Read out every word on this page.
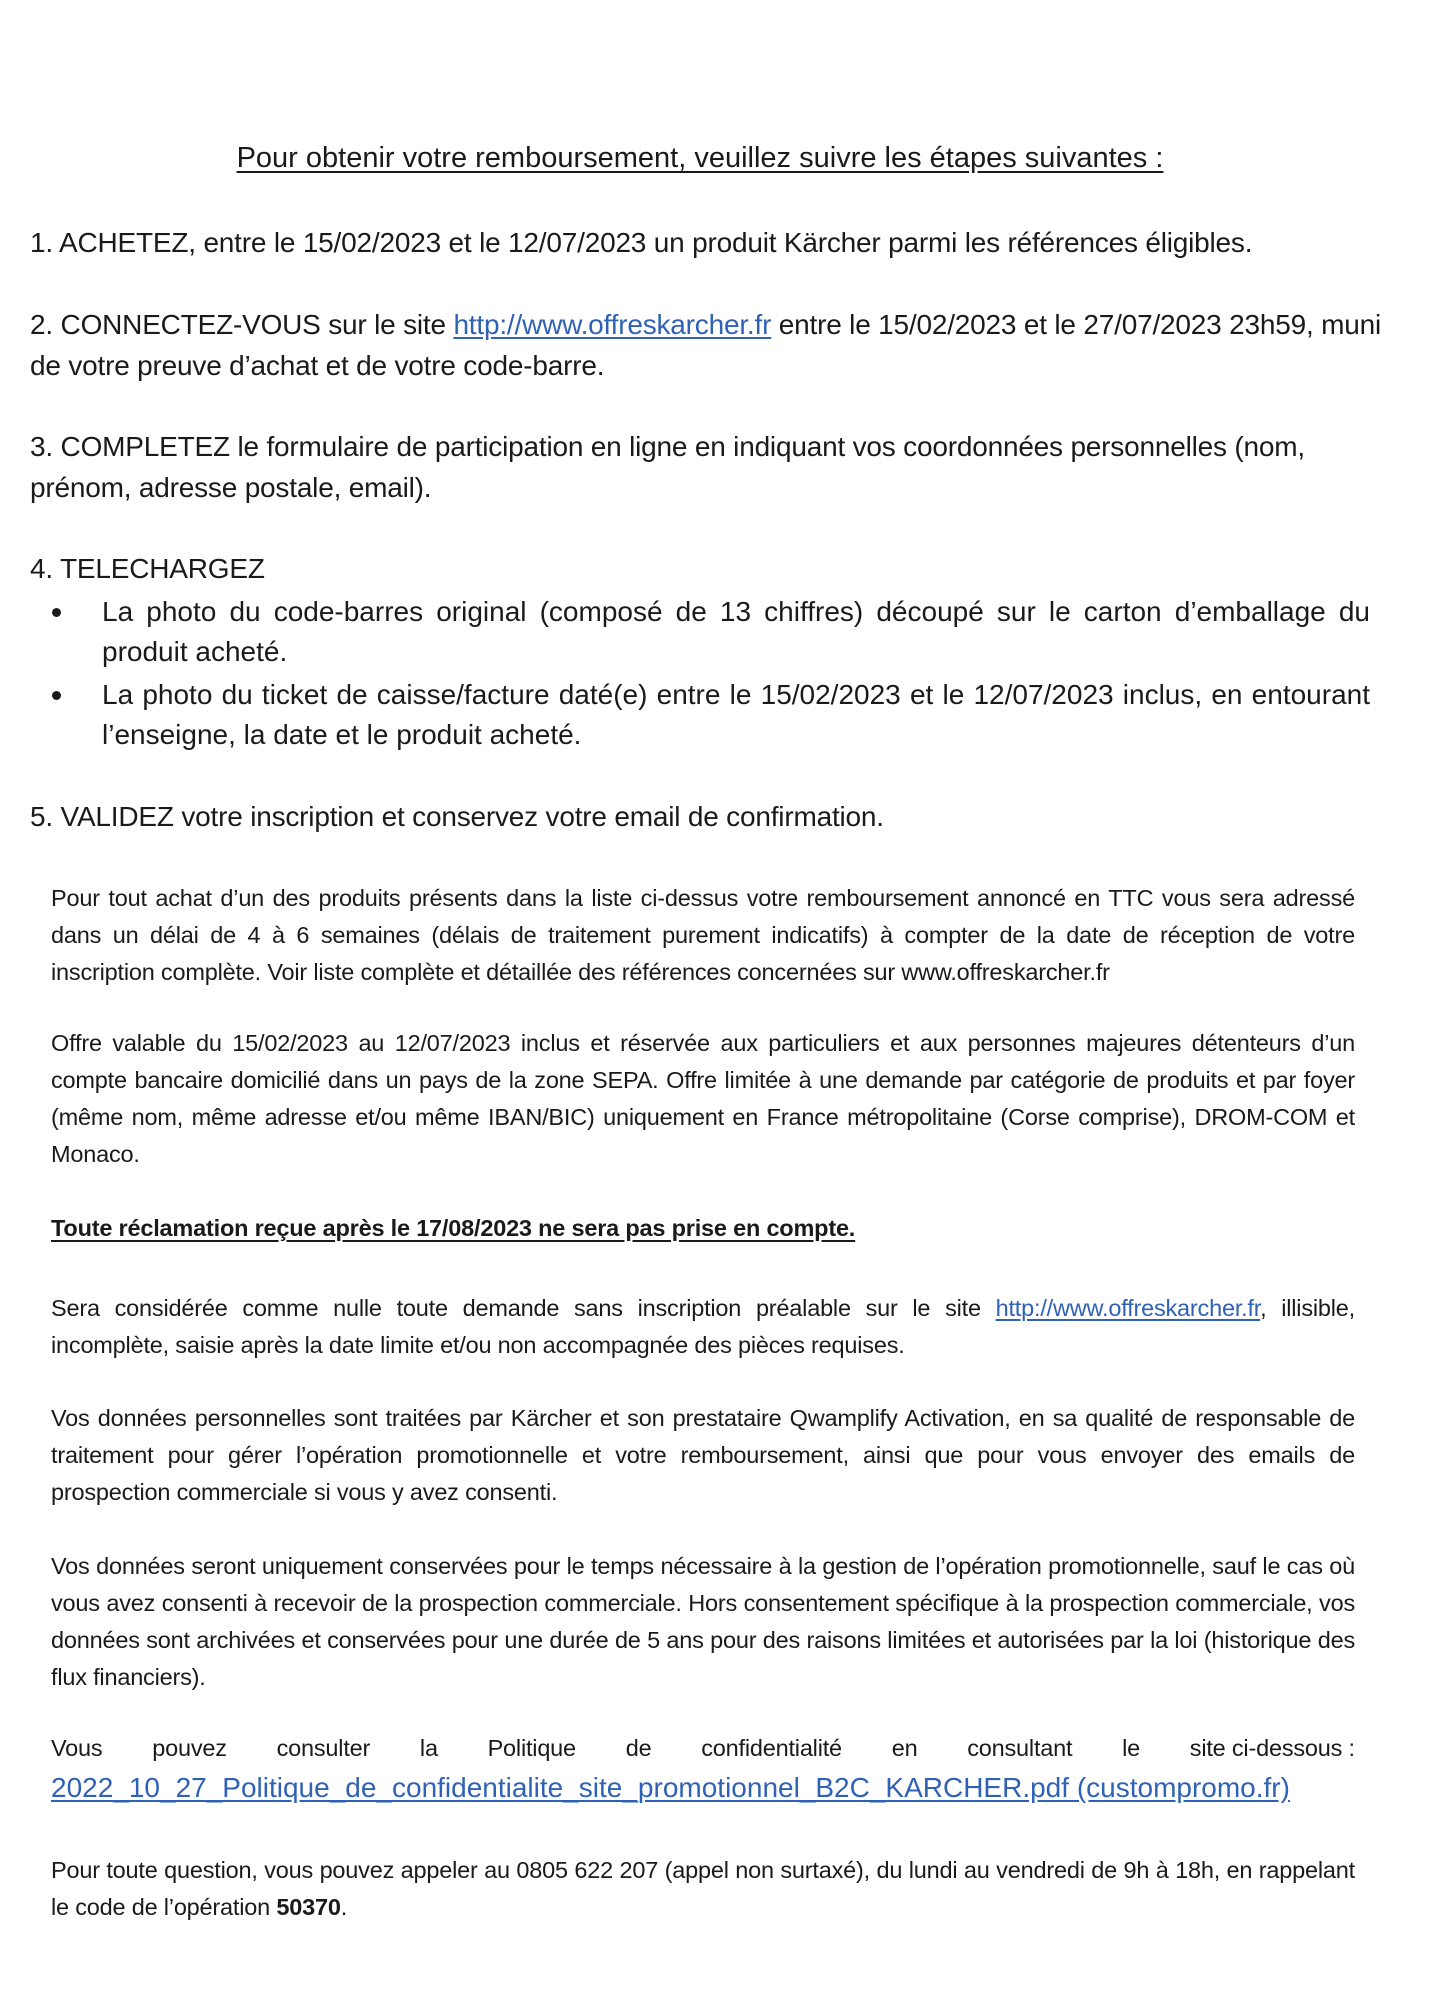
Pour obtenir votre remboursement, veuillez suivre les étapes suivantes :
1. ACHETEZ, entre le 15/02/2023 et le 12/07/2023 un produit Kärcher parmi les références éligibles.
2. CONNECTEZ-VOUS sur le site http://www.offreskarcher.fr entre le 15/02/2023 et le 27/07/2023 23h59, muni de votre preuve d’achat et de votre code-barre.
3. COMPLETEZ le formulaire de participation en ligne en indiquant vos coordonnées personnelles (nom, prénom, adresse postale, email).
4. TELECHARGEZ
La photo du code-barres original (composé de 13 chiffres) découpé sur le carton d’emballage du produit acheté.
La photo du ticket de caisse/facture daté(e) entre le 15/02/2023 et le 12/07/2023 inclus, en entourant l’enseigne, la date et le produit acheté.
5. VALIDEZ votre inscription et conservez votre email de confirmation.
Pour tout achat d’un des produits présents dans la liste ci-dessus votre remboursement annoncé en TTC vous sera adressé dans un délai de 4 à 6 semaines (délais de traitement purement indicatifs) à compter de la date de réception de votre inscription complète. Voir liste complète et détaillée des références concernées sur www.offreskarcher.fr
Offre valable du 15/02/2023 au 12/07/2023 inclus et réservée aux particuliers et aux personnes majeures détenteurs d’un compte bancaire domicilié dans un pays de la zone SEPA. Offre limitée à une demande par catégorie de produits et par foyer (même nom, même adresse et/ou même IBAN/BIC) uniquement en France métropolitaine (Corse comprise), DROM-COM et Monaco.
Toute réclamation reçue après le 17/08/2023 ne sera pas prise en compte.
Sera considérée comme nulle toute demande sans inscription préalable sur le site http://www.offreskarcher.fr, illisible, incomplète, saisie après la date limite et/ou non accompagnée des pièces requises.
Vos données personnelles sont traitées par Kärcher et son prestataire Qwamplify Activation, en sa qualité de responsable de traitement pour gérer l’opération promotionnelle et votre remboursement, ainsi que pour vous envoyer des emails de prospection commerciale si vous y avez consenti.
Vos données seront uniquement conservées pour le temps nécessaire à la gestion de l’opération promotionnelle, sauf le cas où vous avez consenti à recevoir de la prospection commerciale. Hors consentement spécifique à la prospection commerciale, vos données sont archivées et conservées pour une durée de 5 ans pour des raisons limitées et autorisées par la loi (historique des flux financiers).
Vous pouvez consulter la Politique de confidentialité en consultant le site ci-dessous :
2022_10_27_Politique_de_confidentialite_site_promotionnel_B2C_KARCHER.pdf (custompromo.fr)
Pour toute question, vous pouvez appeler au 0805 622 207 (appel non surtaxé), du lundi au vendredi de 9h à 18h, en rappelant le code de l’opération 50370.
